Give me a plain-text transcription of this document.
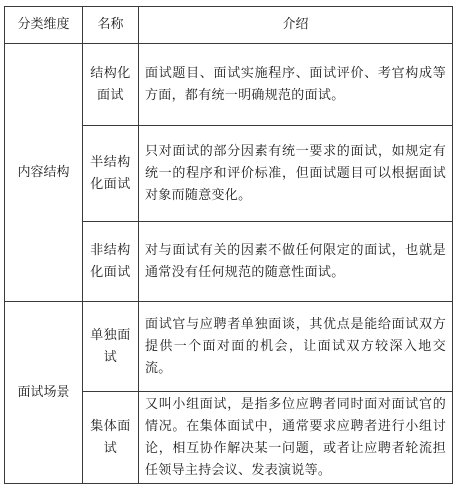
分类维度	名称	介绍
内容结构	结构化面试	面试题目、面试实施程序、面试评价、考官构成等方面，都有统一明确规范的面试。
	半结构化面试	只对面试的部分因素有统一要求的面试，如规定有统一的程序和评价标准，但面试题目可以根据面试对象而随意变化。
	非结构化面试	对与面试有关的因素不做任何限定的面试，也就是通常没有任何规范的随意性面试。
面试场景	单独面试	面试官与应聘者单独面谈，其优点是能给面试双方提供一个面对面的机会，让面试双方较深入地交流。
	集体面试	又叫小组面试，是指多位应聘者同时面对面试官的情况。在集体面试中，通常要求应聘者进行小组讨论，相互协作解决某一问题，或者让应聘者轮流担任领导主持会议、发表演说等。
